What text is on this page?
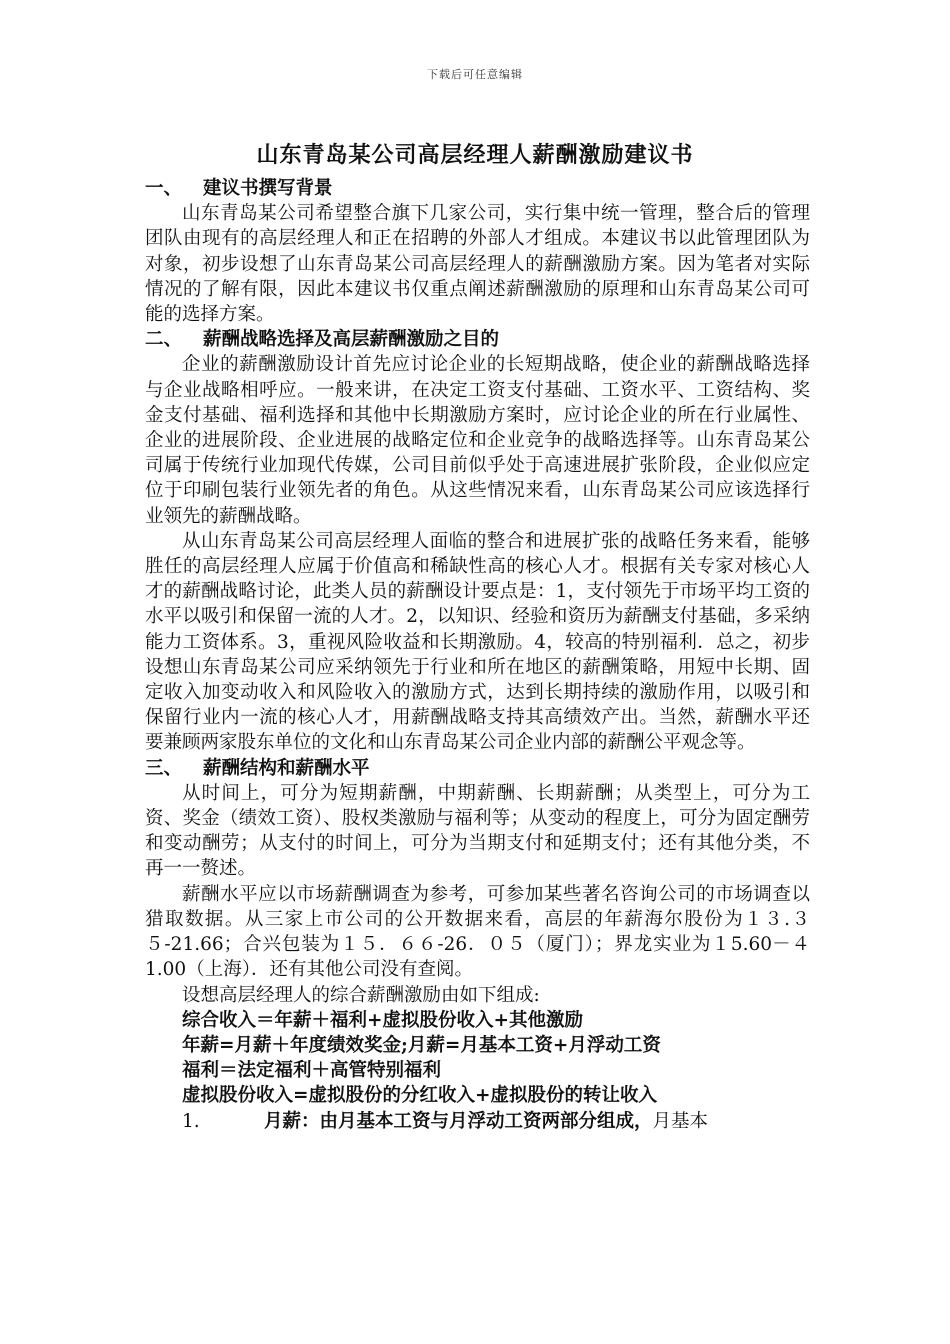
下载后可任意编辑
山东青岛某公司高层经理人薪酬激励建议书
一、 建议书撰写背景
山东青岛某公司希望整合旗下几家公司，实行集中统一管理，整合后的管理团队由现有的高层经理人和正在招聘的外部人才组成。本建议书以此管理团队为对象，初步设想了山东青岛某公司高层经理人的薪酬激励方案。因为笔者对实际情况的了解有限，因此本建议书仅重点阐述薪酬激励的原理和山东青岛某公司可能的选择方案。
二、 薪酬战略选择及高层薪酬激励之目的
企业的薪酬激励设计首先应讨论企业的长短期战略，使企业的薪酬战略选择与企业战略相呼应。一般来讲，在决定工资支付基础、工资水平、工资结构、奖金支付基础、福利选择和其他中长期激励方案时，应讨论企业的所在行业属性、企业的进展阶段、企业进展的战略定位和企业竞争的战略选择等。山东青岛某公司属于传统行业加现代传媒，公司目前似乎处于高速进展扩张阶段，企业似应定位于印刷包装行业领先者的角色。从这些情况来看，山东青岛某公司应该选择行业领先的薪酬战略。
从山东青岛某公司高层经理人面临的整合和进展扩张的战略任务来看，能够胜任的高层经理人应属于价值高和稀缺性高的核心人才。根据有关专家对核心人才的薪酬战略讨论，此类人员的薪酬设计要点是：1，支付领先于市场平均工资的水平以吸引和保留一流的人才。2，以知识、经验和资历为薪酬支付基础，多采纳能力工资体系。3，重视风险收益和长期激励。4，较高的特别福利．总之，初步设想山东青岛某公司应采纳领先于行业和所在地区的薪酬策略，用短中长期、固定收入加变动收入和风险收入的激励方式，达到长期持续的激励作用，以吸引和保留行业内一流的核心人才，用薪酬战略支持其高绩效产出。当然，薪酬水平还要兼顾两家股东单位的文化和山东青岛某公司企业内部的薪酬公平观念等。
三、 薪酬结构和薪酬水平
从时间上，可分为短期薪酬，中期薪酬、长期薪酬；从类型上，可分为工资、奖金（绩效工资）、股权类激励与福利等；从变动的程度上，可分为固定酬劳和变动酬劳；从支付的时间上，可分为当期支付和延期支付；还有其他分类，不再一一赘述。
薪酬水平应以市场薪酬调查为参考，可参加某些著名咨询公司的市场调查以猎取数据。从三家上市公司的公开数据来看，高层的年薪海尔股份为１３.３５-21.66；合兴包装为１５．６６-26．０５（厦门）；界龙实业为１5.60－４1.00（上海）．还有其他公司没有查阅。
设想高层经理人的综合薪酬激励由如下组成:
综合收入＝年薪＋福利+虚拟股份收入+其他激励
年薪=月薪＋年度绩效奖金;月薪=月基本工资+月浮动工资
福利＝法定福利＋高管特别福利
虚拟股份收入=虚拟股份的分红收入+虚拟股份的转让收入
1.	月薪：由月基本工资与月浮动工资两部分组成，月基本
